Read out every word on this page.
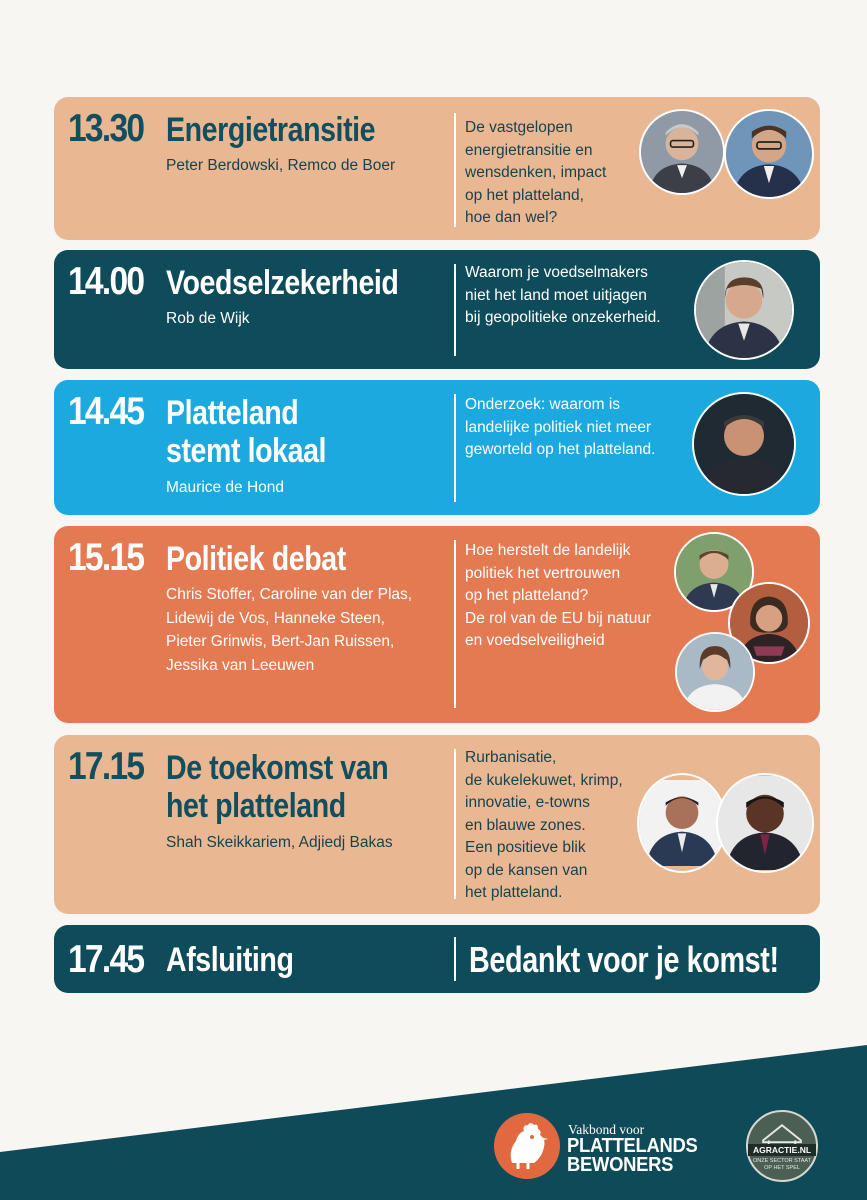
13.30 Energietransitie
Peter Berdowski, Remco de Boer
De vastgelopen
energietransitie en
wensdenken, impact
op het platteland,
hoe dan wel?
14.00 Voedselzekerheid
Rob de Wijk
Waarom je voedselmakers
niet het land moet uitjagen
bij geopolitieke onzekerheid.
14.45 Platteland
stemt lokaal
Maurice de Hond
Onderzoek: waarom is
landelijke politiek niet meer
geworteld op het platteland.
15.15 Politiek debat
Chris Stoffer, Caroline van der Plas,
Lidewij de Vos, Hanneke Steen,
Pieter Grinwis, Bert-Jan Ruissen,
Jessika van Leeuwen
Hoe herstelt de landelijk
politiek het vertrouwen
op het platteland?
De rol van de EU bij natuur
en voedselveiligheid
17.15 De toekomst van
het platteland
Shah Skeikkariem, Adjiedj Bakas
Rurbanisatie,
de kukelekuwet, krimp,
innovatie, e-towns
en blauwe zones.
Een positieve blik
op de kansen van
het platteland.
17.45 Afsluiting	Bedankt voor je komst!
Vakbond voor
PLATTELANDS
BEWONERS
AGRACTIE.NL
ONZE SECTOR STAAT
OP HET SPEL
